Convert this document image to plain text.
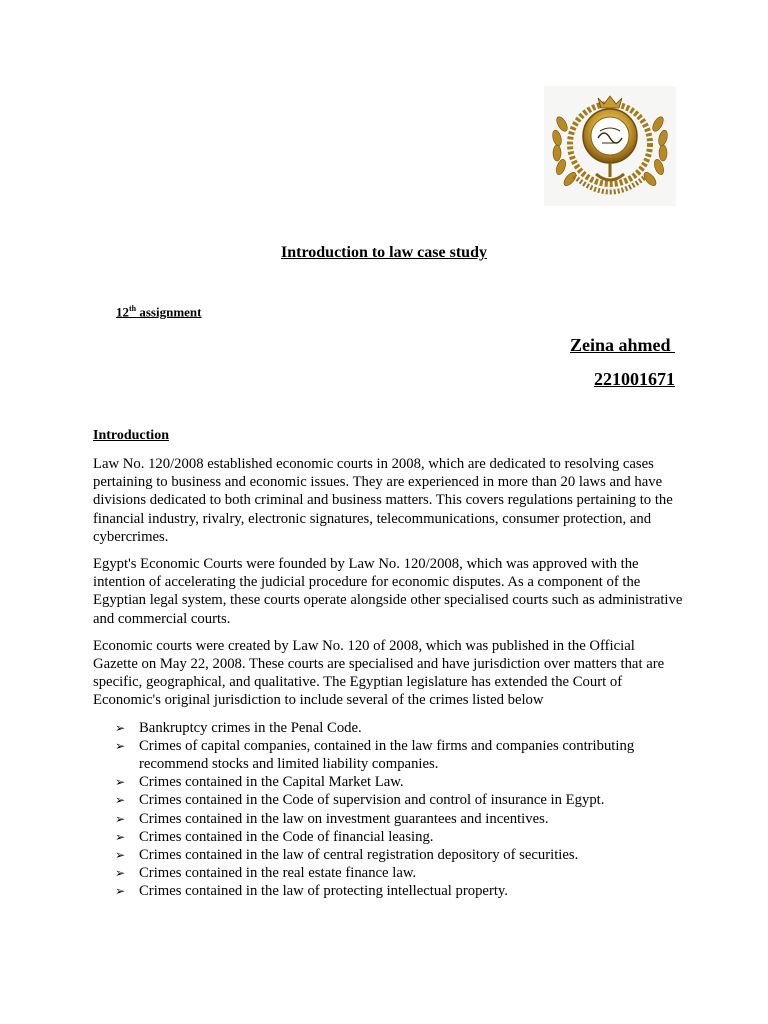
Introduction to law case study
12th assignment
Zeina ahmed
221001671
Introduction

Law No. 120/2008 established economic courts in 2008, which are dedicated to resolving cases pertaining to business and economic issues. They are experienced in more than 20 laws and have divisions dedicated to both criminal and business matters. This covers regulations pertaining to the financial industry, rivalry, electronic signatures, telecommunications, consumer protection, and cybercrimes.

Egypt's Economic Courts were founded by Law No. 120/2008, which was approved with the intention of accelerating the judicial procedure for economic disputes. As a component of the Egyptian legal system, these courts operate alongside other specialised courts such as administrative and commercial courts.

Economic courts were created by Law No. 120 of 2008, which was published in the Official Gazette on May 22, 2008. These courts are specialised and have jurisdiction over matters that are specific, geographical, and qualitative. The Egyptian legislature has extended the Court of Economic's original jurisdiction to include several of the crimes listed below

➢ Bankruptcy crimes in the Penal Code.
➢ Crimes of capital companies, contained in the law firms and companies contributing recommend stocks and limited liability companies.
➢ Crimes contained in the Capital Market Law.
➢ Crimes contained in the Code of supervision and control of insurance in Egypt.
➢ Crimes contained in the law on investment guarantees and incentives.
➢ Crimes contained in the Code of financial leasing.
➢ Crimes contained in the law of central registration depository of securities.
➢ Crimes contained in the real estate finance law.
➢ Crimes contained in the law of protecting intellectual property.
